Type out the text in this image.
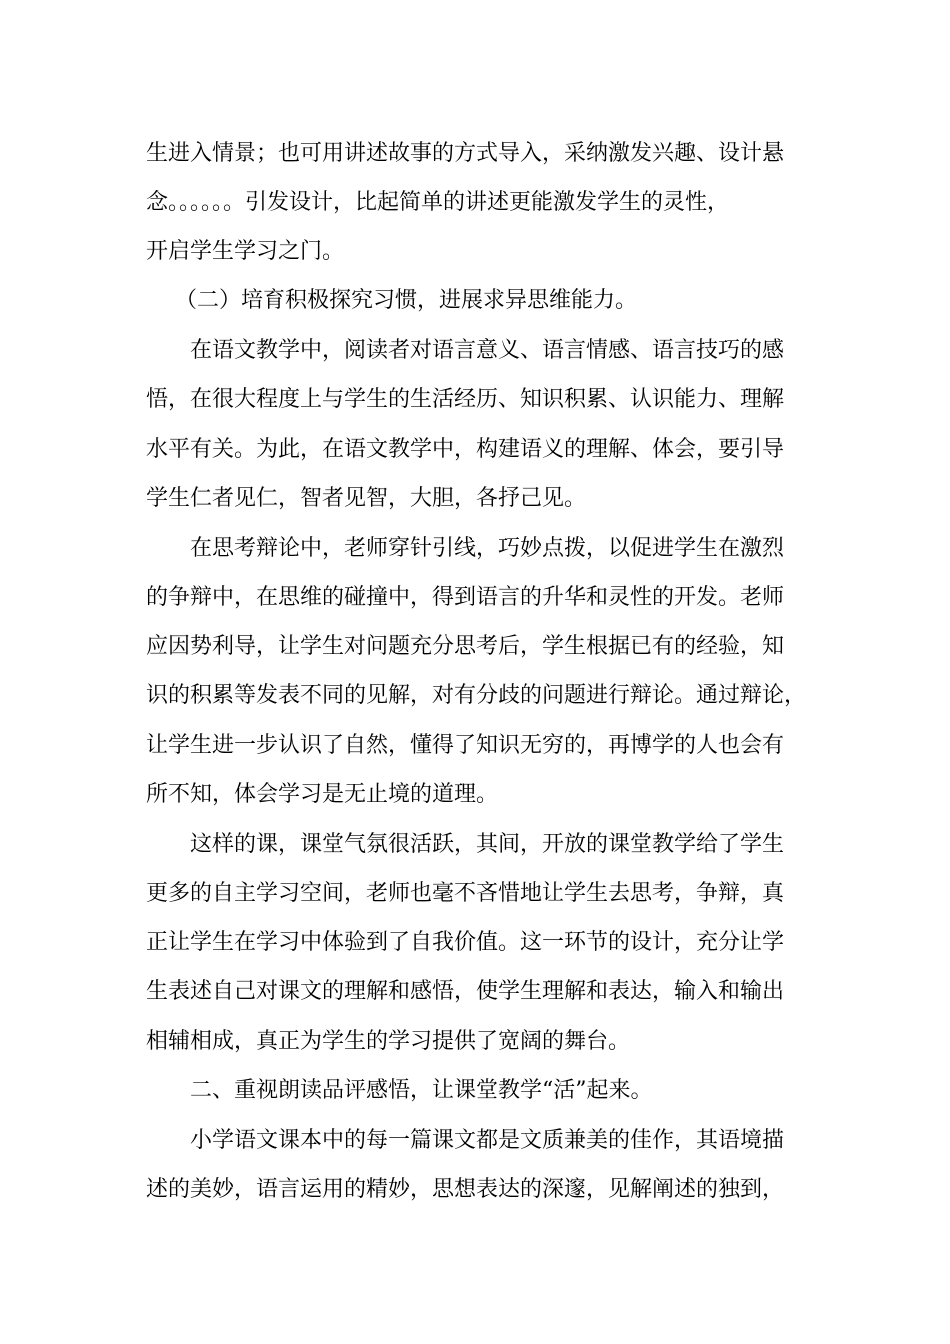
生进入情景；也可用讲述故事的方式导入，采纳激发兴趣、设计悬

念。。。。。。引发设计，比起简单的讲述更能激发学生的灵性，

开启学生学习之门。

（二）培育积极探究习惯，进展求异思维能力。

在语文教学中，阅读者对语言意义、语言情感、语言技巧的感

悟，在很大程度上与学生的生活经历、知识积累、认识能力、理解

水平有关。为此，在语文教学中，构建语义的理解、体会，要引导

学生仁者见仁，智者见智，大胆，各抒己见。

在思考辩论中，老师穿针引线，巧妙点拨，以促进学生在激烈

的争辩中，在思维的碰撞中，得到语言的升华和灵性的开发。老师

应因势利导，让学生对问题充分思考后，学生根据已有的经验，知

识的积累等发表不同的见解，对有分歧的问题进行辩论。通过辩论，

让学生进一步认识了自然，懂得了知识无穷的，再博学的人也会有

所不知，体会学习是无止境的道理。

这样的课，课堂气氛很活跃，其间，开放的课堂教学给了学生

更多的自主学习空间，老师也毫不吝惜地让学生去思考，争辩，真

正让学生在学习中体验到了自我价值。这一环节的设计，充分让学

生表述自己对课文的理解和感悟，使学生理解和表达，输入和输出

相辅相成，真正为学生的学习提供了宽阔的舞台。

二、重视朗读品评感悟，让课堂教学“活”起来。

小学语文课本中的每一篇课文都是文质兼美的佳作，其语境描

述的美妙，语言运用的精妙，思想表达的深邃，见解阐述的独到，
